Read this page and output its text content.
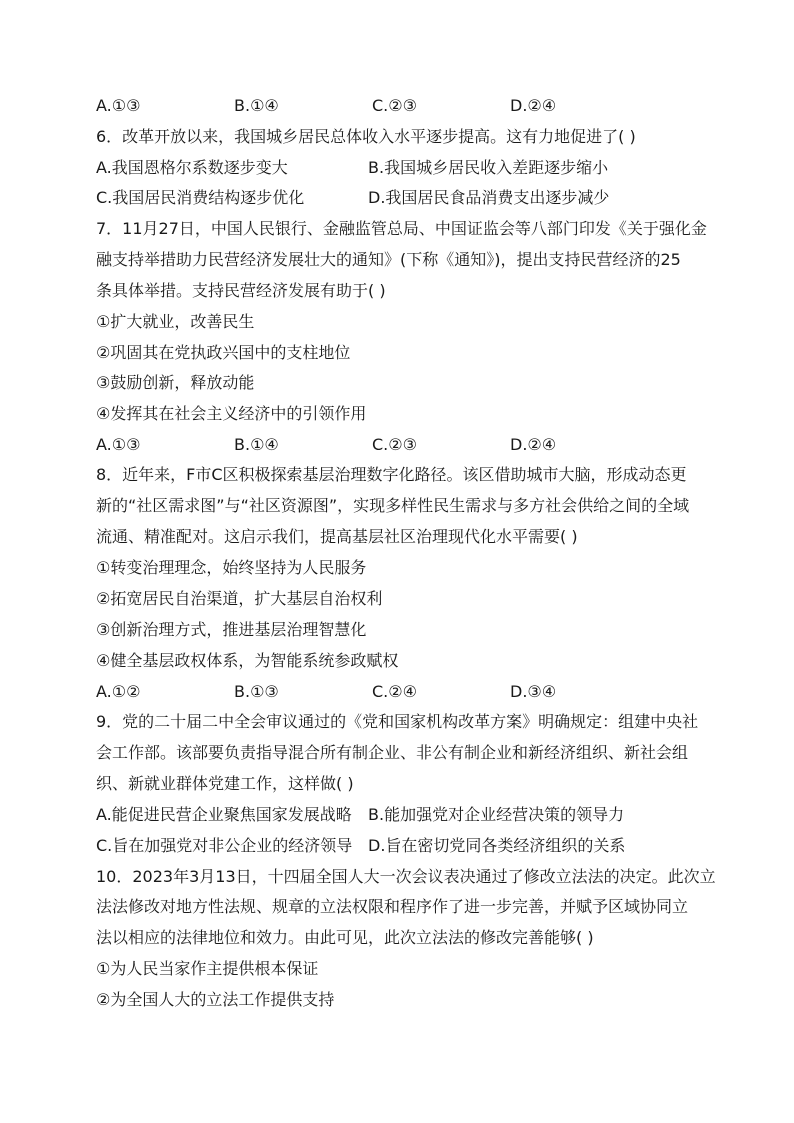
A.①③	B.①④	C.②③	D.②④
6．改革开放以来，我国城乡居民总体收入水平逐步提高。这有力地促进了( )
A.我国恩格尔系数逐步变大	B.我国城乡居民收入差距逐步缩小
C.我国居民消费结构逐步优化	D.我国居民食品消费支出逐步减少
7．11月27日，中国人民银行、金融监管总局、中国证监会等八部门印发《关于强化金
融支持举措助力民营经济发展壮大的通知》(下称《通知》)，提出支持民营经济的25
条具体举措。支持民营经济发展有助于( )
①扩大就业，改善民生
②巩固其在党执政兴国中的支柱地位
③鼓励创新，释放动能
④发挥其在社会主义经济中的引领作用
A.①③	B.①④	C.②③	D.②④
8．近年来，F市C区积极探索基层治理数字化路径。该区借助城市大脑，形成动态更
新的“社区需求图”与“社区资源图”，实现多样性民生需求与多方社会供给之间的全域
流通、精准配对。这启示我们，提高基层社区治理现代化水平需要( )
①转变治理理念，始终坚持为人民服务
②拓宽居民自治渠道，扩大基层自治权利
③创新治理方式，推进基层治理智慧化
④健全基层政权体系，为智能系统参政赋权
A.①②	B.①③	C.②④	D.③④
9．党的二十届二中全会审议通过的《党和国家机构改革方案》明确规定：组建中央社
会工作部。该部要负责指导混合所有制企业、非公有制企业和新经济组织、新社会组
织、新就业群体党建工作，这样做( )
A.能促进民营企业聚焦国家发展战略	B.能加强党对企业经营决策的领导力
C.旨在加强党对非公企业的经济领导 D.旨在密切党同各类经济组织的关系
10．2023年3月13日，十四届全国人大一次会议表决通过了修改立法法的决定。此次立
法法修改对地方性法规、规章的立法权限和程序作了进一步完善，并赋予区域协同立
法以相应的法律地位和效力。由此可见，此次立法法的修改完善能够( )
①为人民当家作主提供根本保证
②为全国人大的立法工作提供支持
